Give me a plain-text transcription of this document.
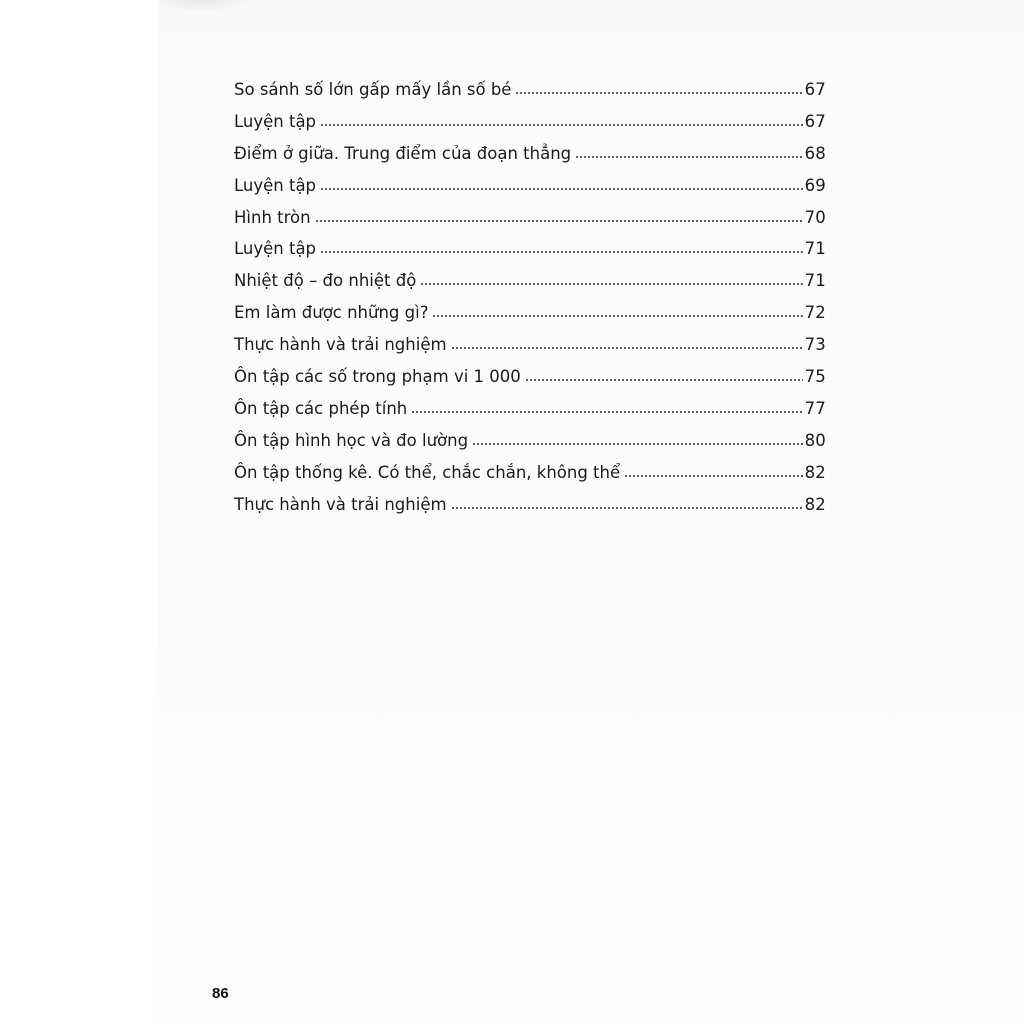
So sánh số lớn gấp mấy lần số bé	67
Luyện tập	67
Điểm ở giữa. Trung điểm của đoạn thẳng	68
Luyện tập	69
Hình tròn	70
Luyện tập	71
Nhiệt độ – đo nhiệt độ	71
Em làm được những gì?	72
Thực hành và trải nghiệm	73
Ôn tập các số trong phạm vi 1 000	75
Ôn tập các phép tính	77
Ôn tập hình học và đo lường	80
Ôn tập thống kê. Có thể, chắc chắn, không thể	82
Thực hành và trải nghiệm	82
86
